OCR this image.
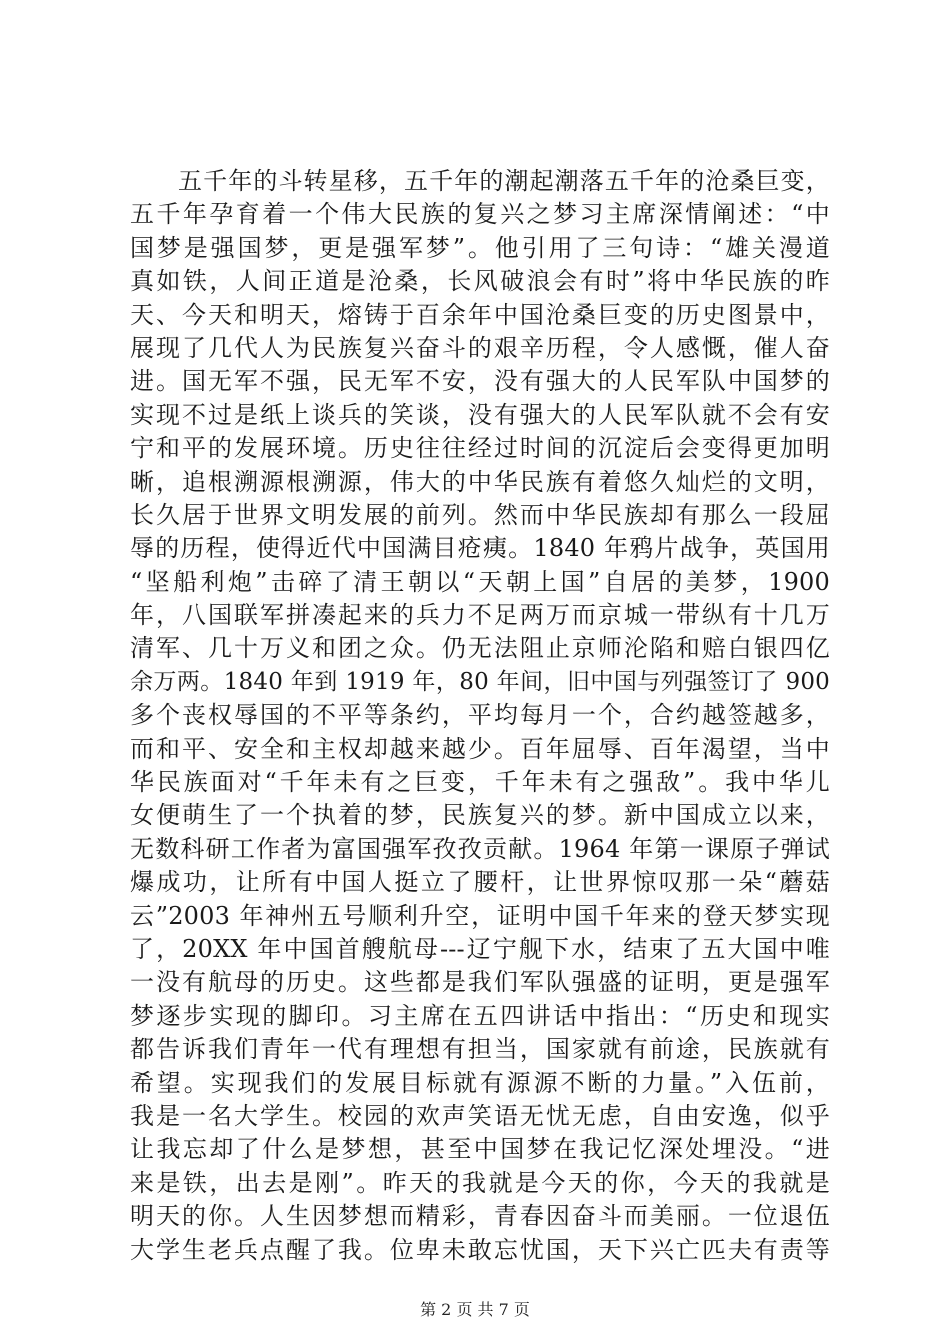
五千年的斗转星移，五千年的潮起潮落五千年的沧桑巨变，
五千年孕育着一个伟大民族的复兴之梦习主席深情阐述：“中
国梦是强国梦，更是强军梦”。他引用了三句诗：“雄关漫道
真如铁，人间正道是沧桑，长风破浪会有时”将中华民族的昨
天、今天和明天，熔铸于百余年中国沧桑巨变的历史图景中，
展现了几代人为民族复兴奋斗的艰辛历程，令人感慨，催人奋
进。国无军不强，民无军不安，没有强大的人民军队中国梦的
实现不过是纸上谈兵的笑谈，没有强大的人民军队就不会有安
宁和平的发展环境。历史往往经过时间的沉淀后会变得更加明
晰，追根溯源根溯源，伟大的中华民族有着悠久灿烂的文明，
长久居于世界文明发展的前列。然而中华民族却有那么一段屈
辱的历程，使得近代中国满目疮痍。1840 年鸦片战争，英国用
“坚船利炮”击碎了清王朝以“天朝上国”自居的美梦，1900
年，八国联军拼凑起来的兵力不足两万而京城一带纵有十几万
清军、几十万义和团之众。仍无法阻止京师沦陷和赔白银四亿
余万两。1840 年到 1919 年，80 年间，旧中国与列强签订了 900
多个丧权辱国的不平等条约，平均每月一个，合约越签越多，
而和平、安全和主权却越来越少。百年屈辱、百年渴望，当中
华民族面对“千年未有之巨变，千年未有之强敌”。我中华儿
女便萌生了一个执着的梦，民族复兴的梦。新中国成立以来，
无数科研工作者为富国强军孜孜贡献。1964 年第一课原子弹试
爆成功，让所有中国人挺立了腰杆，让世界惊叹那一朵“蘑菇
云”2003 年神州五号顺利升空，证明中国千年来的登天梦实现
了，20XX 年中国首艘航母---辽宁舰下水，结束了五大国中唯
一没有航母的历史。这些都是我们军队强盛的证明，更是强军
梦逐步实现的脚印。习主席在五四讲话中指出：“历史和现实
都告诉我们青年一代有理想有担当，国家就有前途，民族就有
希望。实现我们的发展目标就有源源不断的力量。”入伍前，
我是一名大学生。校园的欢声笑语无忧无虑，自由安逸，似乎
让我忘却了什么是梦想，甚至中国梦在我记忆深处埋没。“进
来是铁，出去是刚”。昨天的我就是今天的你，今天的我就是
明天的你。人生因梦想而精彩，青春因奋斗而美丽。一位退伍
大学生老兵点醒了我。位卑未敢忘忧国，天下兴亡匹夫有责等
第 2 页 共 7 页
